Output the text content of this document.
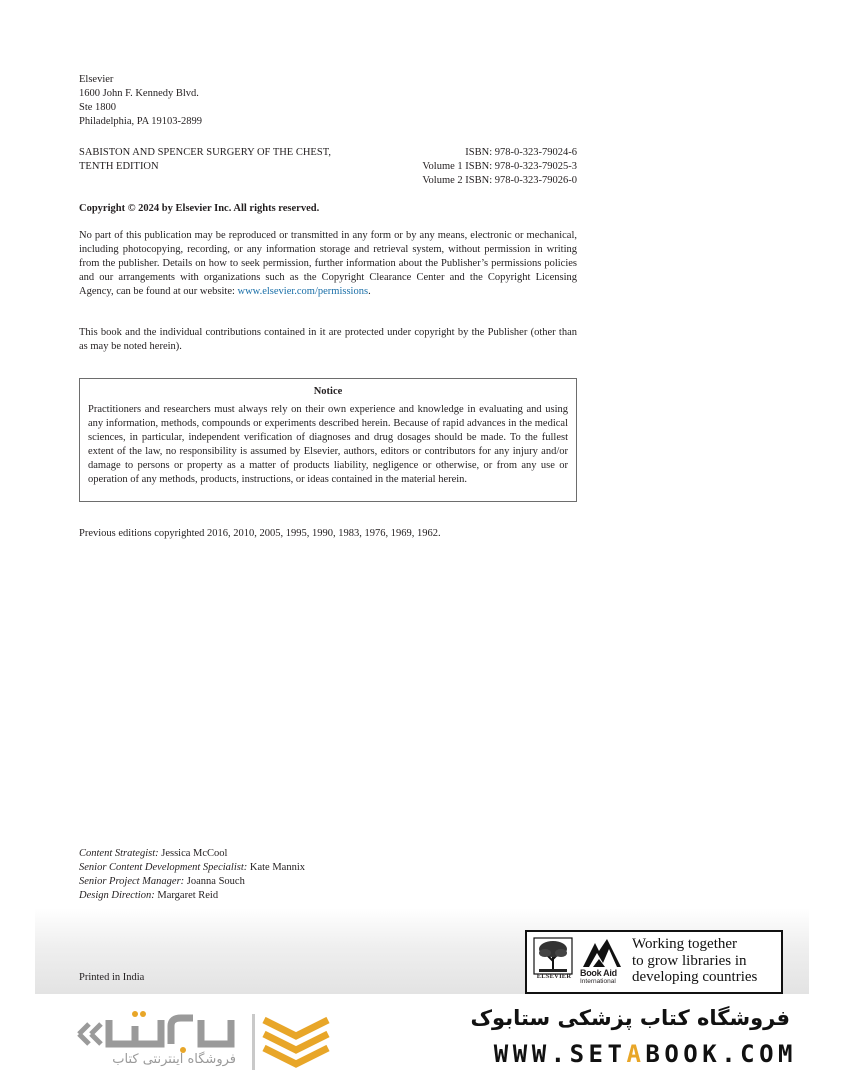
Elsevier
1600 John F. Kennedy Blvd.
Ste 1800
Philadelphia, PA 19103-2899
SABISTON AND SPENCER SURGERY OF THE CHEST,
TENTH EDITION
ISBN: 978-0-323-79024-6
Volume 1 ISBN: 978-0-323-79025-3
Volume 2 ISBN: 978-0-323-79026-0
Copyright © 2024 by Elsevier Inc. All rights reserved.
No part of this publication may be reproduced or transmitted in any form or by any means, electronic or mechanical, including photocopying, recording, or any information storage and retrieval system, without permission in writing from the publisher. Details on how to seek permission, further information about the Publisher’s permissions policies and our arrangements with organizations such as the Copyright Clearance Center and the Copyright Licensing Agency, can be found at our website: www.elsevier.com/permissions.
This book and the individual contributions contained in it are protected under copyright by the Publisher (other than as may be noted herein).
Notice
Practitioners and researchers must always rely on their own experience and knowledge in evaluating and using any information, methods, compounds or experiments described herein. Because of rapid advances in the medical sciences, in particular, independent verification of diagnoses and drug dosages should be made. To the fullest extent of the law, no responsibility is assumed by Elsevier, authors, editors or contributors for any injury and/or damage to persons or property as a matter of products liability, negligence or otherwise, or from any use or operation of any methods, products, instructions, or ideas contained in the material herein.
Previous editions copyrighted 2016, 2010, 2005, 1995, 1990, 1983, 1976, 1969, 1962.
Content Strategist: Jessica McCool
Senior Content Development Specialist: Kate Mannix
Senior Project Manager: Joanna Souch
Design Direction: Margaret Reid
Printed in India	ELSEVIER Book Aid
International
Working together
to grow libraries in
developing countries
فروشگاه اینترنتی کتاب
فروشگاه کتاب پزشکی ستابوک
WWW.SETABOOK.COM
